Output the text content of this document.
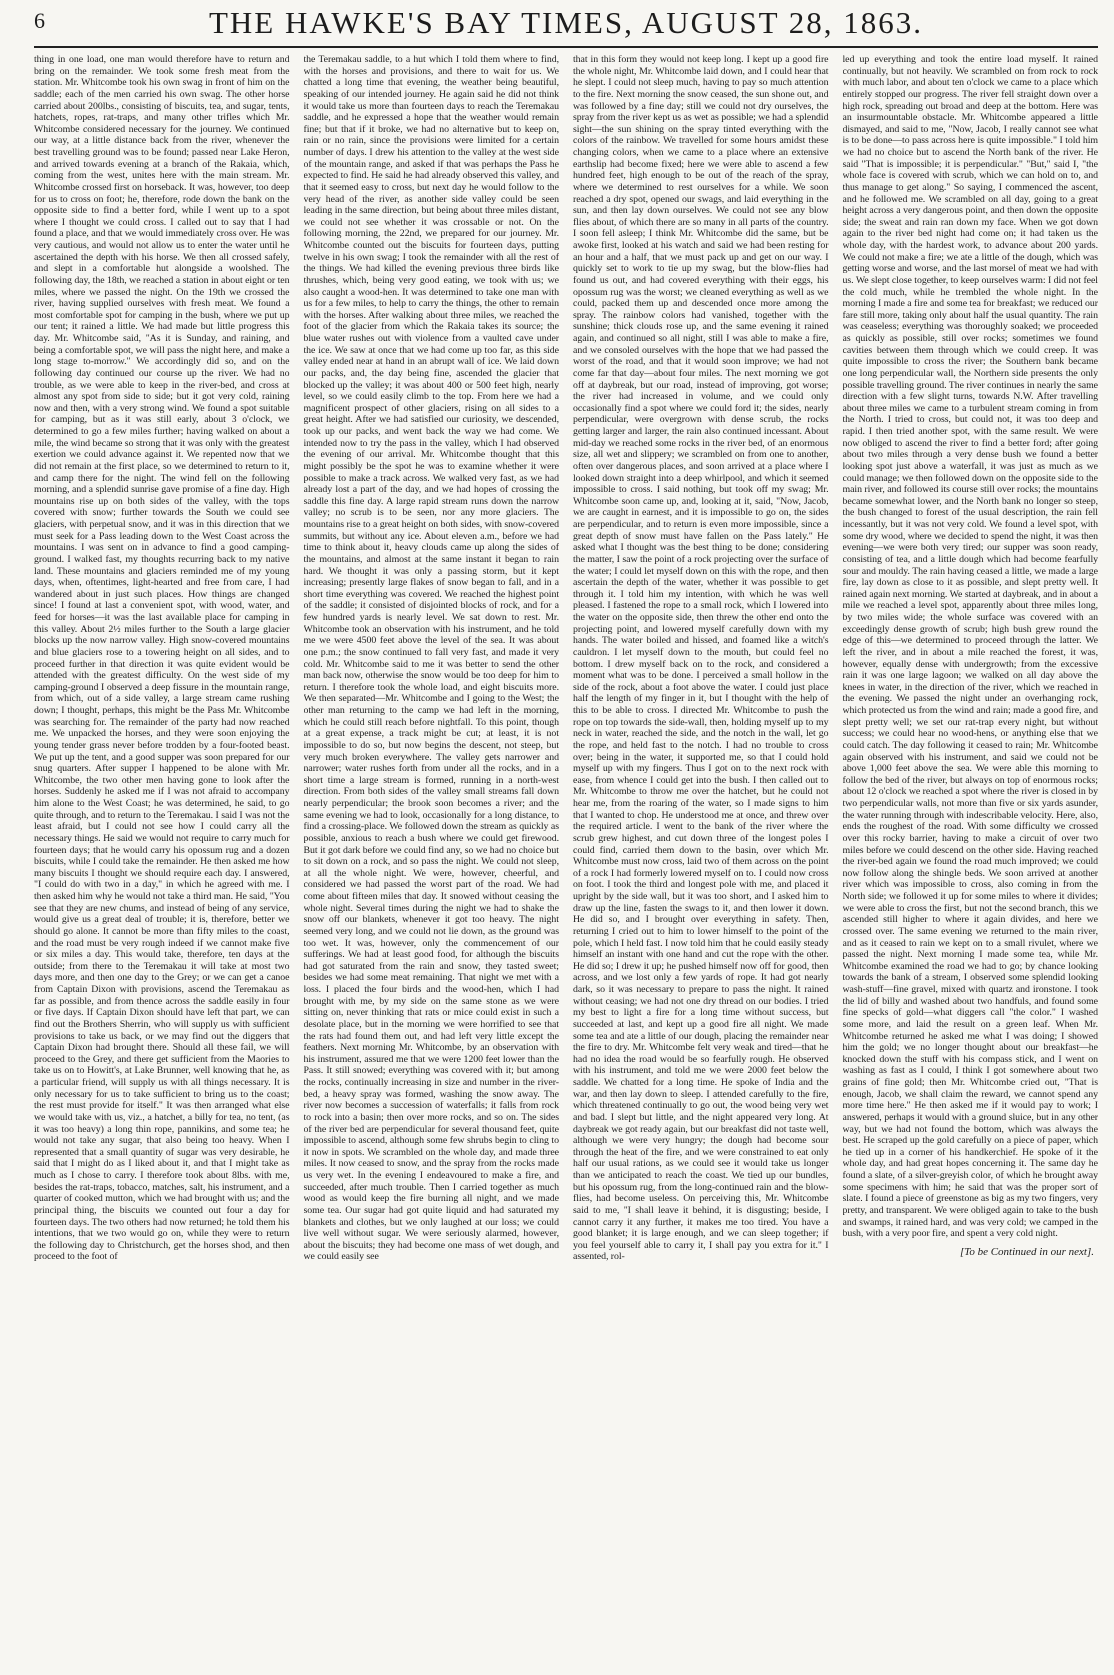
6	THE HAWKE'S BAY TIMES, AUGUST 28, 1863.

thing in one load, one man would therefore have to return and bring on the remainder. We took some fresh meat from the station. Mr. Whitcombe took his own swag in front of him on the saddle; each of the men carried his own swag. The other horse carried about 200lbs., consisting of biscuits, tea, and sugar, tents, hatchets, ropes, rat-traps, and many other trifles which Mr. Whitcombe considered necessary for the journey. We continued our way, at a little distance back from the river, whenever the best travelling ground was to be found; passed near Lake Heron, and arrived towards evening at a branch of the Rakaia, which, coming from the west, unites here with the main stream. Mr. Whitcombe crossed first on horseback. It was, however, too deep for us to cross on foot; he, therefore, rode down the bank on the opposite side to find a better ford, while I went up to a spot where I thought we could cross. I called out to say that I had found a place, and that we would immediately cross over. He was very cautious, and would not allow us to enter the water until he ascertained the depth with his horse. We then all crossed safely, and slept in a comfortable hut alongside a woolshed. The following day, the 18th, we reached a station in about eight or ten miles, where we passed the night. On the 19th we crossed the river, having supplied ourselves with fresh meat. We found a most comfortable spot for camping in the bush, where we put up our tent; it rained a little. We had made but little progress this day. Mr. Whitcombe said, "As it is Sunday, and raining, and being a comfortable spot, we will pass the night here, and make a long stage to-morrow." We accordingly did so, and on the following day continued our course up the river. We had no trouble, as we were able to keep in the river-bed, and cross at almost any spot from side to side; but it got very cold, raining now and then, with a very strong wind. We found a spot suitable for camping, but as it was still early, about 3 o'clock, we determined to go a few miles further; having walked on about a mile, the wind became so strong that it was only with the greatest exertion we could advance against it. We repented now that we did not remain at the first place, so we determined to return to it, and camp there for the night. The wind fell on the following morning, and a splendid sunrise gave promise of a fine day. High mountains rise up on both sides of the valley, with the tops covered with snow; further towards the South we could see glaciers, with perpetual snow, and it was in this direction that we must seek for a Pass leading down to the West Coast across the mountains. I was sent on in advance to find a good camping-ground. I walked fast, my thoughts recurring back to my native land. These mountains and glaciers reminded me of my young days, when, oftentimes, light-hearted and free from care, I had wandered about in just such places. How things are changed since! I found at last a convenient spot, with wood, water, and feed for horses—it was the last available place for camping in this valley. About 2½ miles further to the South a large glacier blocks up the now narrow valley. High snow-covered mountains and blue glaciers rose to a towering height on all sides, and to proceed further in that direction it was quite evident would be attended with the greatest difficulty. On the west side of my camping-ground I observed a deep fissure in the mountain range, from which, out of a side valley, a large stream came rushing down; I thought, perhaps, this might be the Pass Mr. Whitcombe was searching for. The remainder of the party had now reached me. We unpacked the horses, and they were soon enjoying the young tender grass never before trodden by a four-footed beast. We put up the tent, and a good supper was soon prepared for our snug quarters. After supper I happened to be alone with Mr. Whitcombe, the two other men having gone to look after the horses. Suddenly he asked me if I was not afraid to accompany him alone to the West Coast; he was determined, he said, to go quite through, and to return to the Teremakau. I said I was not the least afraid, but I could not see how I could carry all the necessary things. He said we would not require to carry much for fourteen days; that he would carry his opossum rug and a dozen biscuits, while I could take the remainder. He then asked me how many biscuits I thought we should require each day. I answered, "I could do with two in a day," in which he agreed with me. I then asked him why he would not take a third man. He said, "You see that they are new chums, and instead of being of any service, would give us a great deal of trouble; it is, therefore, better we should go alone. It cannot be more than fifty miles to the coast, and the road must be very rough indeed if we cannot make five or six miles a day. This would take, therefore, ten days at the outside; from there to the Teremakau it will take at most two days more, and then one day to the Grey; or we can get a canoe from Captain Dixon with provisions, ascend the Teremakau as far as possible, and from thence across the saddle easily in four or five days. If Captain Dixon should have left that part, we can find out the Brothers Sherrin, who will supply us with sufficient provisions to take us back, or we may find out the diggers that Captain Dixon had brought there. Should all these fail, we will proceed to the Grey, and there get sufficient from the Maories to take us on to Howitt's, at Lake Brunner, well knowing that he, as a particular friend, will supply us with all things necessary. It is only necessary for us to take sufficient to bring us to the coast; the rest must provide for itself." It was then arranged what else we would take with us, viz., a hatchet, a billy for tea, no tent, (as it was too heavy) a long thin rope, pannikins, and some tea; he would not take any sugar, that also being too heavy. When I represented that a small quantity of sugar was very desirable, he said that I might do as I liked about it, and that I might take as much as I chose to carry. I therefore took about 8lbs. with me, besides the rat-traps, tobacco, matches, salt, his instrument, and a quarter of cooked mutton, which we had brought with us; and the principal thing, the biscuits we counted out four a day for fourteen days. The two others had now returned; he told them his intentions, that we two would go on, while they were to return the following day to Christchurch, get the horses shod, and then proceed to the foot of

the Teremakau saddle, to a hut which I told them where to find, with the horses and provisions, and there to wait for us. We chatted a long time that evening, the weather being beautiful, speaking of our intended journey. He again said he did not think it would take us more than fourteen days to reach the Teremakau saddle, and he expressed a hope that the weather would remain fine; but that if it broke, we had no alternative but to keep on, rain or no rain, since the provisions were limited for a certain number of days. I drew his attention to the valley at the west side of the mountain range, and asked if that was perhaps the Pass he expected to find. He said he had already observed this valley, and that it seemed easy to cross, but next day he would follow to the very head of the river, as another side valley could be seen leading in the same direction, but being about three miles distant, we could not see whether it was crossable or not. On the following morning, the 22nd, we prepared for our journey. Mr. Whitcombe counted out the biscuits for fourteen days, putting twelve in his own swag; I took the remainder with all the rest of the things. We had killed the evening previous three birds like thrushes, which, being very good eating, we took with us; we also caught a wood-hen. It was determined to take one man with us for a few miles, to help to carry the things, the other to remain with the horses. After walking about three miles, we reached the foot of the glacier from which the Rakaia takes its source; the blue water rushes out with violence from a vaulted cave under the ice. We saw at once that we had come up too far, as this side valley ended near at hand in an abrupt wall of ice. We laid down our packs, and, the day being fine, ascended the glacier that blocked up the valley; it was about 400 or 500 feet high, nearly level, so we could easily climb to the top. From here we had a magnificent prospect of other glaciers, rising on all sides to a great height. After we had satisfied our curiosity, we descended, took up our packs, and went back the way we had come. We intended now to try the pass in the valley, which I had observed the evening of our arrival. Mr. Whitcombe thought that this might possibly be the spot he was to examine whether it were possible to make a track across. We walked very fast, as we had already lost a part of the day, and we had hopes of crossing the saddle this fine day. A large rapid stream runs down the narrow valley; no scrub is to be seen, nor any more glaciers. The mountains rise to a great height on both sides, with snow-covered summits, but without any ice. About eleven a.m., before we had time to think about it, heavy clouds came up along the sides of the mountains, and almost at the same instant it began to rain hard. We thought it was only a passing storm, but it kept increasing; presently large flakes of snow began to fall, and in a short time everything was covered. We reached the highest point of the saddle; it consisted of disjointed blocks of rock, and for a few hundred yards is nearly level. We sat down to rest. Mr. Whitcombe took an observation with his instrument, and he told me we were 4500 feet above the level of the sea. It was about one p.m.; the snow continued to fall very fast, and made it very cold. Mr. Whitcombe said to me it was better to send the other man back now, otherwise the snow would be too deep for him to return. I therefore took the whole load, and eight biscuits more. We then separated—Mr. Whitcombe and I going to the West; the other man returning to the camp we had left in the morning, which he could still reach before nightfall. To this point, though at a great expense, a track might be cut; at least, it is not impossible to do so, but now begins the descent, not steep, but very much broken everywhere. The valley gets narrower and narrower; water rushes forth from under all the rocks, and in a short time a large stream is formed, running in a north-west direction. From both sides of the valley small streams fall down nearly perpendicular; the brook soon becomes a river; and the same evening we had to look, occasionally for a long distance, to find a crossing-place. We followed down the stream as quickly as possible, anxious to reach a bush where we could get firewood. But it got dark before we could find any, so we had no choice but to sit down on a rock, and so pass the night. We could not sleep, at all the whole night. We were, however, cheerful, and considered we had passed the worst part of the road. We had come about fifteen miles that day. It snowed without ceasing the whole night. Several times during the night we had to shake the snow off our blankets, whenever it got too heavy. The night seemed very long, and we could not lie down, as the ground was too wet. It was, however, only the commencement of our sufferings. We had at least good food, for although the biscuits had got saturated from the rain and snow, they tasted sweet; besides we had some meat remaining. That night we met with a loss. I placed the four birds and the wood-hen, which I had brought with me, by my side on the same stone as we were sitting on, never thinking that rats or mice could exist in such a desolate place, but in the morning we were horrified to see that the rats had found them out, and had left very little except the feathers. Next morning Mr. Whitcombe, by an observation with his instrument, assured me that we were 1200 feet lower than the Pass. It still snowed; everything was covered with it; but among the rocks, continually increasing in size and number in the river-bed, a heavy spray was formed, washing the snow away. The river now becomes a succession of waterfalls; it falls from rock to rock into a basin; then over more rocks, and so on. The sides of the river bed are perpendicular for several thousand feet, quite impossible to ascend, although some few shrubs begin to cling to it now in spots. We scrambled on the whole day, and made three miles. It now ceased to snow, and the spray from the rocks made us very wet. In the evening I endeavoured to make a fire, and succeeded, after much trouble. Then I carried together as much wood as would keep the fire burning all night, and we made some tea. Our sugar had got quite liquid and had saturated my blankets and clothes, but we only laughed at our loss; we could live well without sugar. We were seriously alarmed, however, about the biscuits; they had become one mass of wet dough, and we could easily see

that in this form they would not keep long. I kept up a good fire the whole night, Mr. Whitcombe laid down, and I could hear that he slept. I could not sleep much, having to pay so much attention to the fire. Next morning the snow ceased, the sun shone out, and was followed by a fine day; still we could not dry ourselves, the spray from the river kept us as wet as possible; we had a splendid sight—the sun shining on the spray tinted everything with the colors of the rainbow. We travelled for some hours amidst these changing colors, when we came to a place where an extensive earthslip had become fixed; here we were able to ascend a few hundred feet, high enough to be out of the reach of the spray, where we determined to rest ourselves for a while. We soon reached a dry spot, opened our swags, and laid everything in the sun, and then lay down ourselves. We could not see any blow flies about, of which there are so many in all parts of the country. I soon fell asleep; I think Mr. Whitcombe did the same, but be awoke first, looked at his watch and said we had been resting for an hour and a half, that we must pack up and get on our way. I quickly set to work to tie up my swag, but the blow-flies had found us out, and had covered everything with their eggs, his opossum rug was the worst; we cleaned everything as well as we could, packed them up and descended once more among the spray. The rainbow colors had vanished, together with the sunshine; thick clouds rose up, and the same evening it rained again, and continued so all night, still I was able to make a fire, and we consoled ourselves with the hope that we had passed the worst of the road, and that it would soon improve; we had not come far that day—about four miles. The next morning we got off at daybreak, but our road, instead of improving, got worse; the river had increased in volume, and we could only occasionally find a spot where we could ford it; the sides, nearly perpendicular, were overgrown with dense scrub, the rocks getting larger and larger, the rain also continued incessant. About mid-day we reached some rocks in the river bed, of an enormous size, all wet and slippery; we scrambled on from one to another, often over dangerous places, and soon arrived at a place where I looked down straight into a deep whirlpool, and which it seemed impossible to cross. I said nothing, but took off my swag; Mr. Whitcombe soon came up, and, looking at it, said, "Now, Jacob, we are caught in earnest, and it is impossible to go on, the sides are perpendicular, and to return is even more impossible, since a great depth of snow must have fallen on the Pass lately." He asked what I thought was the best thing to be done; considering the matter, I saw the point of a rock projecting over the surface of the water; I could let myself down on this with the rope, and then ascertain the depth of the water, whether it was possible to get through it. I told him my intention, with which he was well pleased. I fastened the rope to a small rock, which I lowered into the water on the opposite side, then threw the other end onto the projecting point, and lowered myself carefully down with my hands. The water boiled and hissed, and foamed like a witch's cauldron. I let myself down to the mouth, but could feel no bottom. I drew myself back on to the rock, and considered a moment what was to be done. I perceived a small hollow in the side of the rock, about a foot above the water. I could just place half the length of my finger in it, but I thought with the help of this to be able to cross. I directed Mr. Whitcombe to push the rope on top towards the side-wall, then, holding myself up to my neck in water, reached the side, and the notch in the wall, let go the rope, and held fast to the notch. I had no trouble to cross over; being in the water, it supported me, so that I could hold myself up with my fingers. Thus I got on to the next rock with ease, from whence I could get into the bush. I then called out to Mr. Whitcombe to throw me over the hatchet, but he could not hear me, from the roaring of the water, so I made signs to him that I wanted to chop. He understood me at once, and threw over the required article. I went to the bank of the river where the scrub grew highest, and cut down three of the longest poles I could find, carried them down to the basin, over which Mr. Whitcombe must now cross, laid two of them across on the point of a rock I had formerly lowered myself on to. I could now cross on foot. I took the third and longest pole with me, and placed it upright by the side wall, but it was too short, and I asked him to draw up the line, fasten the swags to it, and then lower it down. He did so, and I brought over everything in safety. Then, returning I cried out to him to lower himself to the point of the pole, which I held fast. I now told him that he could easily steady himself an instant with one hand and cut the rope with the other. He did so; I drew it up; he pushed himself now off for good, then across, and we lost only a few yards of rope. It had got nearly dark, so it was necessary to prepare to pass the night. It rained without ceasing; we had not one dry thread on our bodies. I tried my best to light a fire for a long time without success, but succeeded at last, and kept up a good fire all night. We made some tea and ate a little of our dough, placing the remainder near the fire to dry. Mr. Whitcombe felt very weak and tired—that he had no idea the road would be so fearfully rough. He observed with his instrument, and told me we were 2000 feet below the saddle. We chatted for a long time. He spoke of India and the war, and then lay down to sleep. I attended carefully to the fire, which threatened continually to go out, the wood being very wet and bad. I slept but little, and the night appeared very long. At daybreak we got ready again, but our breakfast did not taste well, although we were very hungry; the dough had become sour through the heat of the fire, and we were constrained to eat only half our usual rations, as we could see it would take us longer than we anticipated to reach the coast. We tied up our bundles, but his opossum rug, from the long-continued rain and the blow-flies, had become useless. On perceiving this, Mr. Whitcombe said to me, "I shall leave it behind, it is disgusting; beside, I cannot carry it any further, it makes me too tired. You have a good blanket; it is large enough, and we can sleep together; if you feel yourself able to carry it, I shall pay you extra for it." I assented, rol-

led up everything and took the entire load myself. It rained continually, but not heavily. We scrambled on from rock to rock with much labor, and about ten o'clock we came to a place which entirely stopped our progress. The river fell straight down over a high rock, spreading out broad and deep at the bottom. Here was an insurmountable obstacle. Mr. Whitcombe appeared a little dismayed, and said to me, "Now, Jacob, I really cannot see what is to be done—to pass across here is quite impossible." I told him we had no choice but to ascend the North bank of the river. He said "That is impossible; it is perpendicular." "But," said I, "the whole face is covered with scrub, which we can hold on to, and thus manage to get along." So saying, I commenced the ascent, and he followed me. We scrambled on all day, going to a great height across a very dangerous point, and then down the opposite side; the sweat and rain ran down my face. When we got down again to the river bed night had come on; it had taken us the whole day, with the hardest work, to advance about 200 yards. We could not make a fire; we ate a little of the dough, which was getting worse and worse, and the last morsel of meat we had with us. We slept close together, to keep ourselves warm: I did not feel the cold much, while he trembled the whole night. In the morning I made a fire and some tea for breakfast; we reduced our fare still more, taking only about half the usual quantity. The rain was ceaseless; everything was thoroughly soaked; we proceeded as quickly as possible, still over rocks; sometimes we found cavities between them through which we could creep. It was quite impossible to cross the river; the Southern bank became one long perpendicular wall, the Northern side presents the only possible travelling ground. The river continues in nearly the same direction with a few slight turns, towards N.W. After travelling about three miles we came to a turbulent stream coming in from the North. I tried to cross, but could not, it was too deep and rapid. I then tried another spot, with the same result. We were now obliged to ascend the river to find a better ford; after going about two miles through a very dense bush we found a better looking spot just above a waterfall, it was just as much as we could manage; we then followed down on the opposite side to the main river, and followed its course still over rocks; the mountains became somewhat lower, and the North bank no longer so steep, the bush changed to forest of the usual description, the rain fell incessantly, but it was not very cold. We found a level spot, with some dry wood, where we decided to spend the night, it was then evening—we were both very tired; our supper was soon ready, consisting of tea, and a little dough which had become fearfully sour and mouldy. The rain having ceased a little, we made a large fire, lay down as close to it as possible, and slept pretty well. It rained again next morning. We started at daybreak, and in about a mile we reached a level spot, apparently about three miles long, by two miles wide; the whole surface was covered with an exceedingly dense growth of scrub; high bush grew round the edge of this—we determined to proceed through the latter. We left the river, and in about a mile reached the forest, it was, however, equally dense with undergrowth; from the excessive rain it was one large lagoon; we walked on all day above the knees in water, in the direction of the river, which we reached in the evening. We passed the night under an overhanging rock, which protected us from the wind and rain; made a good fire, and slept pretty well; we set our rat-trap every night, but without success; we could hear no wood-hens, or anything else that we could catch. The day following it ceased to rain; Mr. Whitcombe again observed with his instrument, and said we could not be above 1,000 feet above the sea. We were able this morning to follow the bed of the river, but always on top of enormous rocks; about 12 o'clock we reached a spot where the river is closed in by two perpendicular walls, not more than five or six yards asunder, the water running through with indescribable velocity. Here, also, ends the roughest of the road. With some difficulty we crossed over this rocky barrier, having to make a circuit of over two miles before we could descend on the other side. Having reached the river-bed again we found the road much improved; we could now follow along the shingle beds. We soon arrived at another river which was impossible to cross, also coming in from the North side; we followed it up for some miles to where it divides; we were able to cross the first, but not the second branch, this we ascended still higher to where it again divides, and here we crossed over. The same evening we returned to the main river, and as it ceased to rain we kept on to a small rivulet, where we passed the night. Next morning I made some tea, while Mr. Whitcombe examined the road we had to go; by chance looking towards the bank of a stream, I observed some splendid looking wash-stuff—fine gravel, mixed with quartz and ironstone. I took the lid of billy and washed about two handfuls, and found some fine specks of gold—what diggers call "the color." I washed some more, and laid the result on a green leaf. When Mr. Whitcombe returned he asked me what I was doing; I showed him the gold; we no longer thought about our breakfast—he knocked down the stuff with his compass stick, and I went on washing as fast as I could, I think I got somewhere about two grains of fine gold; then Mr. Whitcombe cried out, "That is enough, Jacob, we shall claim the reward, we cannot spend any more time here." He then asked me if it would pay to work; I answered, perhaps it would with a ground sluice, but in any other way, but we had not found the bottom, which was always the best. He scraped up the gold carefully on a piece of paper, which he tied up in a corner of his handkerchief. He spoke of it the whole day, and had great hopes concerning it. The same day he found a slate, of a silver-greyish color, of which he brought away some specimens with him; he said that was the proper sort of slate. I found a piece of greenstone as big as my two fingers, very pretty, and transparent. We were obliged again to take to the bush and swamps, it rained hard, and was very cold; we camped in the bush, with a very poor fire, and spent a very cold night.

[To be Continued in our next].
